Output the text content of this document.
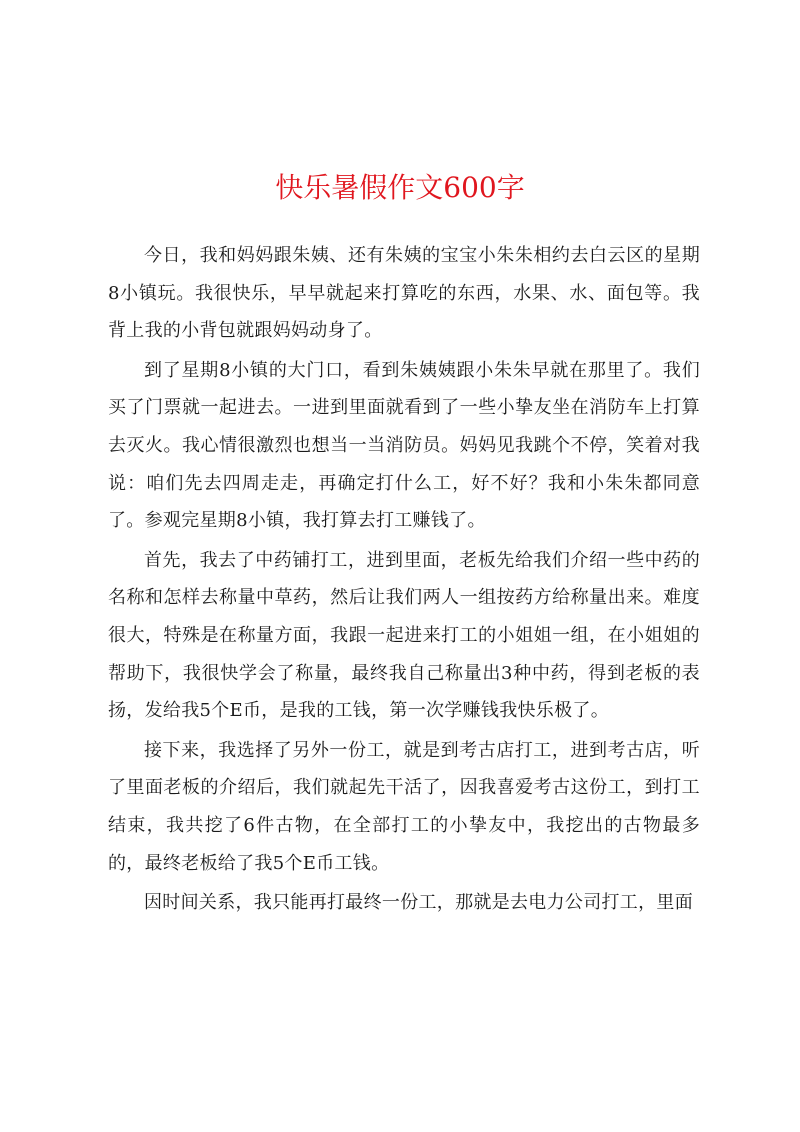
快乐暑假作文600字

今日，我和妈妈跟朱姨、还有朱姨的宝宝小朱朱相约去白云区的星期8小镇玩。我很快乐，早早就起来打算吃的东西，水果、水、面包等。我背上我的小背包就跟妈妈动身了。

到了星期8小镇的大门口，看到朱姨姨跟小朱朱早就在那里了。我们买了门票就一起进去。一进到里面就看到了一些小挚友坐在消防车上打算去灭火。我心情很激烈也想当一当消防员。妈妈见我跳个不停，笑着对我说：咱们先去四周走走，再确定打什么工，好不好？我和小朱朱都同意了。参观完星期8小镇，我打算去打工赚钱了。

首先，我去了中药铺打工，进到里面，老板先给我们介绍一些中药的名称和怎样去称量中草药，然后让我们两人一组按药方给称量出来。难度很大，特殊是在称量方面，我跟一起进来打工的小姐姐一组，在小姐姐的帮助下，我很快学会了称量，最终我自己称量出3种中药，得到老板的表扬，发给我5个E币，是我的工钱，第一次学赚钱我快乐极了。

接下来，我选择了另外一份工，就是到考古店打工，进到考古店，听了里面老板的介绍后，我们就起先干活了，因我喜爱考古这份工，到打工结束，我共挖了6件古物，在全部打工的小挚友中，我挖出的古物最多的，最终老板给了我5个E币工钱。

因时间关系，我只能再打最终一份工，那就是去电力公司打工，里面
